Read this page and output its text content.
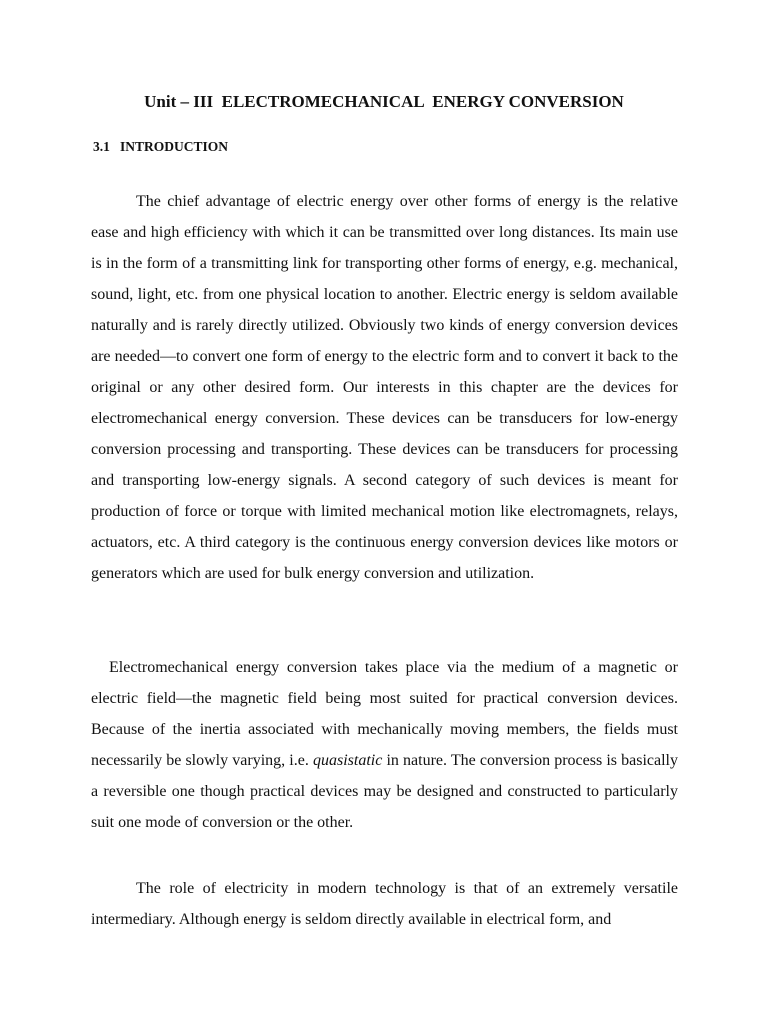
Unit – III  ELECTROMECHANICAL  ENERGY CONVERSION
3.1   INTRODUCTION

The chief advantage of electric energy over other forms of energy is the relative ease and high efficiency with which it can be transmitted over long distances. Its main use is in the form of a transmitting link for transporting other forms of energy, e.g. mechanical, sound, light, etc. from one physical location to another. Electric energy is seldom available naturally and is rarely directly utilized. Obviously two kinds of energy conversion devices are needed—to convert one form of energy to the electric form and to convert it back to the original or any other desired form. Our interests in this chapter are the devices for electromechanical energy conversion. These devices can be transducers for low-energy conversion processing and transporting. These devices can be transducers for processing and transporting low-energy signals. A second category of such devices is meant for production of force or torque with limited mechanical motion like electromagnets, relays, actuators, etc. A third category is the continuous energy conversion devices like motors or generators which are used for bulk energy conversion and utilization.

Electromechanical energy conversion takes place via the medium of a magnetic or electric field—the magnetic field being most suited for practical conversion devices. Because of the inertia associated with mechanically moving members, the fields must necessarily be slowly varying, i.e. quasistatic in nature. The conversion process is basically a reversible one though practical devices may be designed and constructed to particularly suit one mode of conversion or the other.

The role of electricity in modern technology is that of an extremely versatile intermediary. Although energy is seldom directly available in electrical form, and
